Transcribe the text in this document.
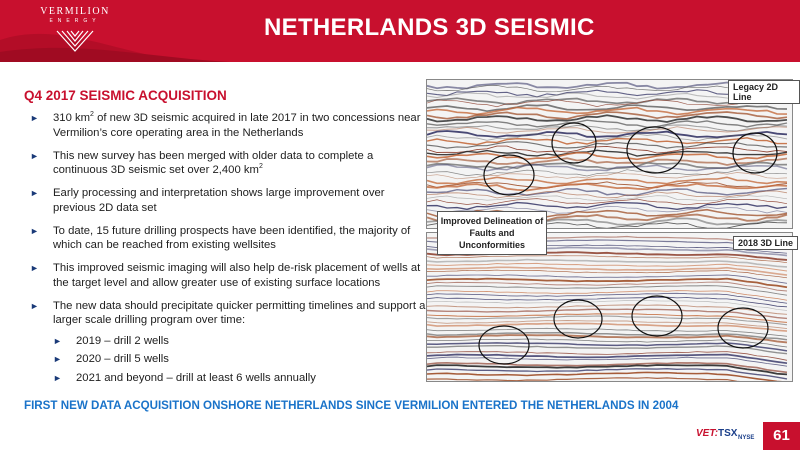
VERMILION
ENERGY	NETHERLANDS 3D SEISMIC
Q4 2017 SEISMIC ACQUISITION
► 310 $km^2$ of new 3D seismic acquired in late 2017 in two concessions near Vermilion’s core operating area in the Netherlands
► This new survey has been merged with older data to complete a continuous 3D seismic set over 2,400 $km^2$
► Early processing and interpretation shows large improvement over previous 2D data set
► To date, 15 future drilling prospects have been identified, the majority of which can be reached from existing wellsites
► This improved seismic imaging will also help de-risk placement of wells at the target level and allow greater use of existing surface locations
► The new data should precipitate quicker permitting timelines and support a larger scale drilling program over time:
► 2019 – drill 2 wells
► 2020 – drill 5 wells
► 2021 and beyond – drill at least 6 wells annually
Legacy 2D Line
2018 3D Line
Improved Delineation of Faults and Unconformities
FIRST NEW DATA ACQUISITION ONSHORE NETHERLANDS SINCE VERMILION ENTERED THE NETHERLANDS IN 2004
VET: TSX NYSE	61
